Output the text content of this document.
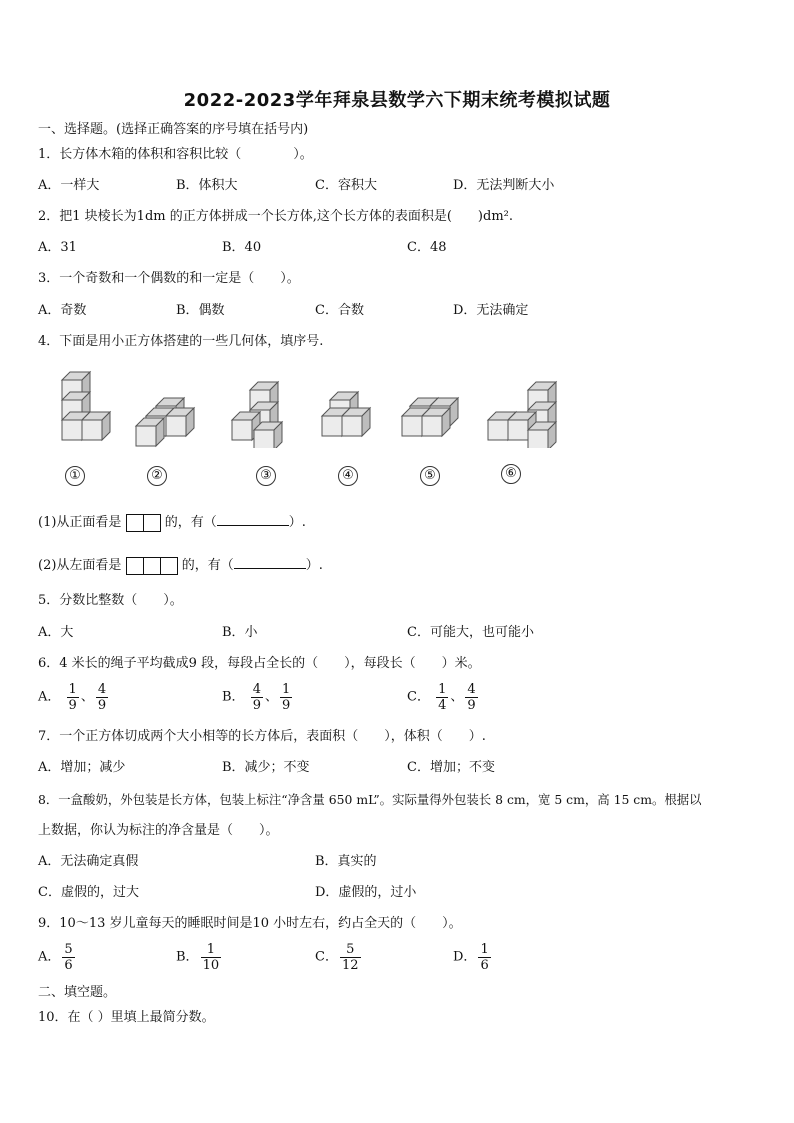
2022-2023学年拜泉县数学六下期末统考模拟试题
一、选择题。(选择正确答案的序号填在括号内)
1．长方体木箱的体积和容积比较（　　　　）。
A．一样大	B．体积大	C．容积大	D．无法判断大小
2．把1 块棱长为1dm 的正方体拼成一个长方体,这个长方体的表面积是(　　)dm².
A．31	B．40	C．48
3．一个奇数和一个偶数的和一定是（　　）。
A．奇数	B．偶数	C．合数	D．无法确定
4．下面是用小正方体搭建的一些几何体，填序号.
①	②	③	④	⑤	⑥
(1)从正面看是	的，有（	）.
(2)从左面看是	的，有（	）.
5．分数比整数（　　）。
A．大	B．小	C．可能大，也可能小
6．4 米长的绳子平均截成9 段，每段占全长的（　　），每段长（　　）米。
A． $\frac{1}{9}$ 、 $\frac{4}{9}$	B． $\frac{4}{9}$ 、 $\frac{1}{9}$	C． $\frac{1}{4}$ 、 $\frac{4}{9}$
7．一个正方体切成两个大小相等的长方体后，表面积（　　），体积（　　）.
A．增加；减少	B．减少；不变	C．增加；不变
8．一盒酸奶，外包装是长方体，包装上标注“净含量 650 mL”。实际量得外包装长 8 cm，宽 5 cm，高 15 cm。根据以
上数据，你认为标注的净含量是（　　）。
A．无法确定真假	B．真实的
C．虚假的，过大	D．虚假的，过小
9．10～13 岁儿童每天的睡眠时间是10 小时左右，约占全天的（　　）。
A． $\frac{5}{6}$	B． $\frac{1}{10}$	C． $\frac{5}{12}$	D． $\frac{1}{6}$
二、填空题。
10．在（ ）里填上最简分数。
